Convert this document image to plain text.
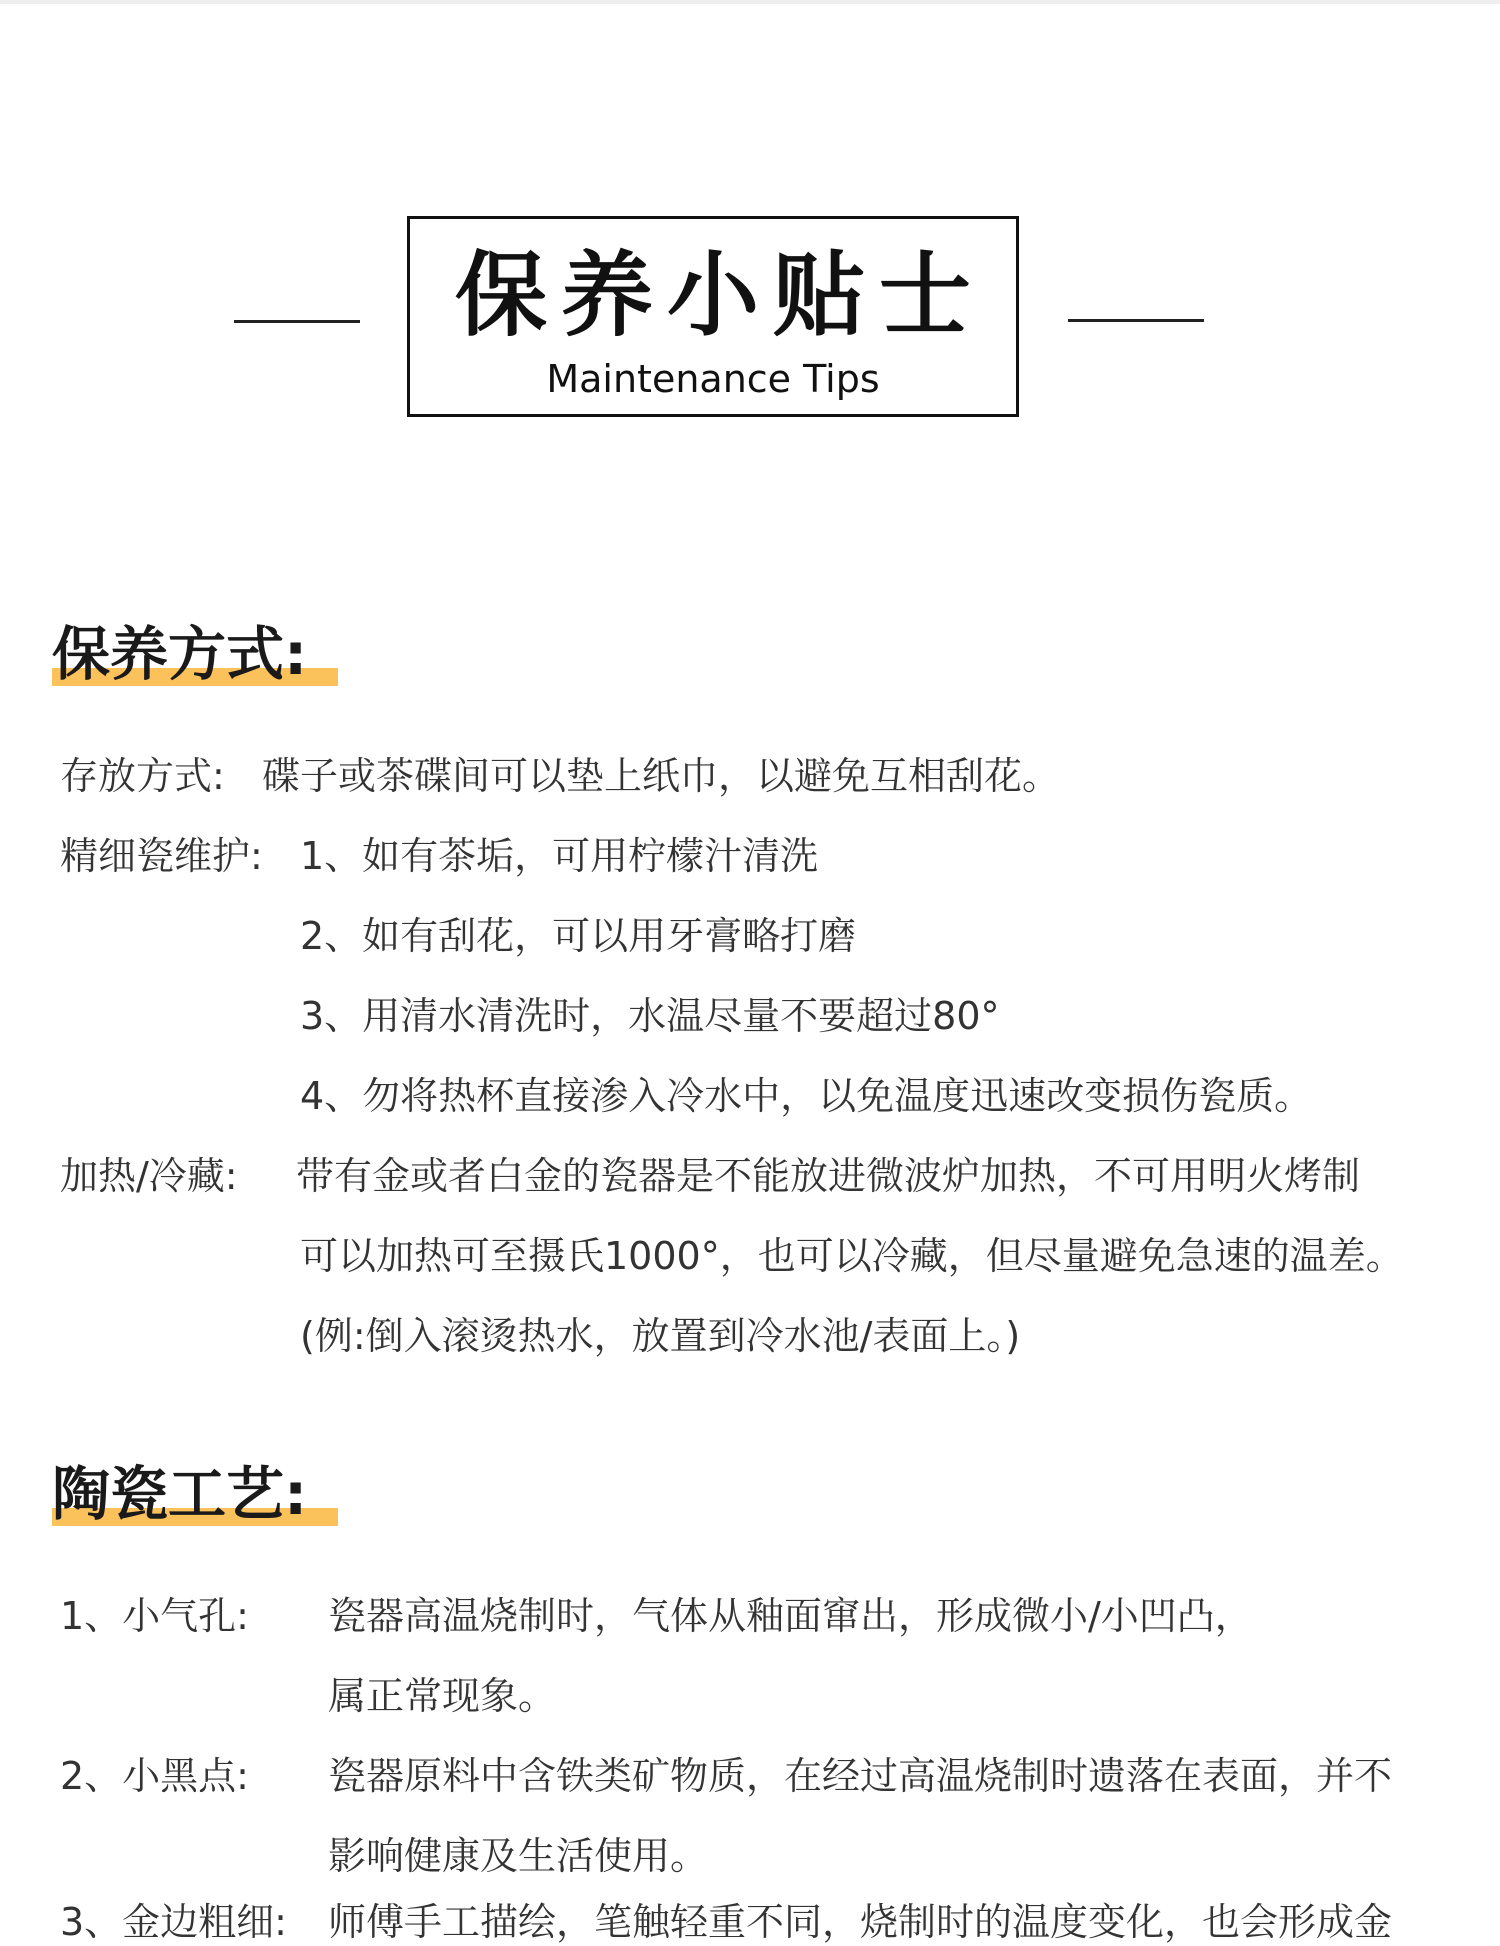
保养小贴士
Maintenance Tips
保养方式:
存放方式: 碟子或茶碟间可以垫上纸巾，以避免互相刮花。
精细瓷维护: 1、如有茶垢，可用柠檬汁清洗
2、如有刮花，可以用牙膏略打磨
3、用清水清洗时，水温尽量不要超过80°
4、勿将热杯直接渗入冷水中，以免温度迅速改变损伤瓷质。
加热/冷藏: 带有金或者白金的瓷器是不能放进微波炉加热，不可用明火烤制
可以加热可至摄氏1000°，也可以冷藏，但尽量避免急速的温差。
(例:倒入滚烫热水，放置到冷水池/表面上。)
陶瓷工艺:
1、小气孔: 瓷器高温烧制时，气体从釉面窜出，形成微小/小凹凸，
属正常现象。
2、小黑点: 瓷器原料中含铁类矿物质，在经过高温烧制时遗落在表面，并不
影响健康及生活使用。
3、金边粗细: 师傅手工描绘，笔触轻重不同，烧制时的温度变化，也会形成金
